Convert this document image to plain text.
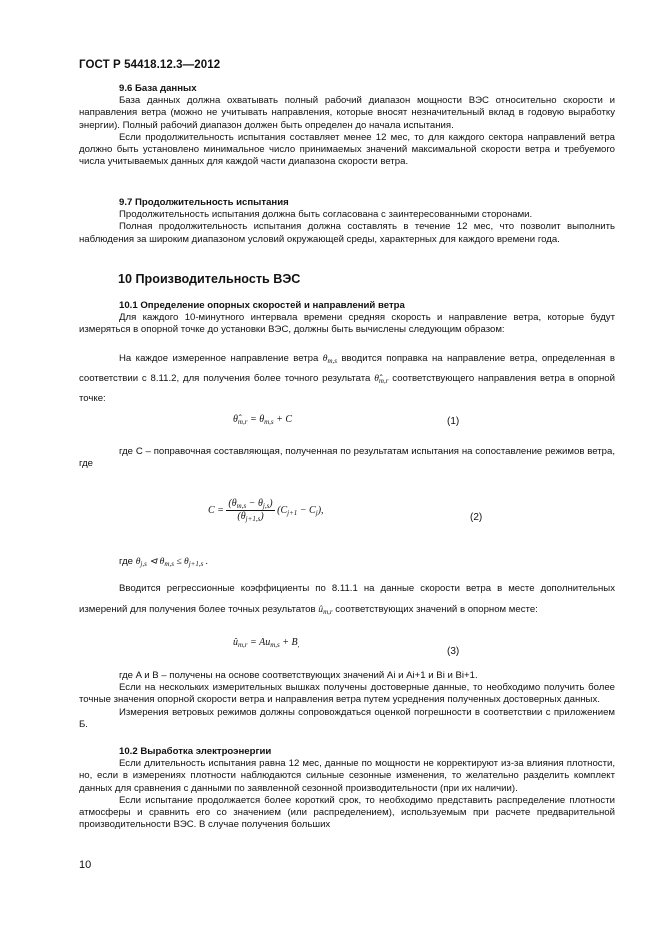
ГОСТ Р 54418.12.3—2012

9.6 База данных

База данных должна охватывать полный рабочий диапазон мощности ВЭС относительно скорости и направления ветра (можно не учитывать направления, которые вносят незначительный вклад в годовую выработку энергии). Полный рабочий диапазон должен быть определен до начала испытания.

Если продолжительность испытания составляет менее 12 мес, то для каждого сектора направлений ветра должно быть установлено минимальное число принимаемых значений максимальной скорости ветра и требуемого числа учитываемых данных для каждой части диапазона скорости ветра.

9.7 Продолжительность испытания

Продолжительность испытания должна быть согласована с заинтересованными сторонами.

Полная продолжительность испытания должна составлять в течение 12 мес, что позволит выполнить наблюдения за широким диапазоном условий окружающей среды, характерных для каждого времени года.

10 Производительность ВЭС

10.1 Определение опорных скоростей и направлений ветра

Для каждого 10-минутного интервала времени средняя скорость и направление ветра, которые будут измеряться в опорной точке до установки ВЭС, должны быть вычислены следующим образом:

На каждое измеренное направление ветра $\theta_{m,s}$ вводится поправка на направление ветра, определенная в соответствии с 8.11.2, для получения более точного результата $\thetâ_{m,r}$ соответствующего направления ветра в опорной точке:

$\thetâ_{m,r} = \theta_{m,s} + C$	(1)

где C – поправочная составляющая, полученная по результатам испытания на сопоставление режимов ветра, где

$C = \frac{(\theta_{m,s} - \theta_{j,s})}{(\theta_{j+1,s})} (C_{j+1} - C_j)$,
(2)

где $\theta_{j,s}$ ⊲ $\theta_{m,s} \le \theta_{j+1,s}$ .

Вводится регрессионные коэффициенты по 8.11.1 на данные скорости ветра в месте дополнительных измерений для получения более точных результатов $û_{m,r}$ соответствующих значений в опорном месте:

$û_{m,r} = Au_{m,s} + B_,$
(3)

где A и B – получены на основе соответствующих значений Ai и Ai+1 и Bi и Bi+1.

Если на нескольких измерительных вышках получены достоверные данные, то необходимо получить более точные значения опорной скорости ветра и направления ветра путем усреднения полученных достоверных данных.

Измерения ветровых режимов должны сопровождаться оценкой погрешности в соответствии с приложением Б.

10.2 Выработка электроэнергии

Если длительность испытания равна 12 мес, данные по мощности не корректируют из-за влияния плотности, но, если в измерениях плотности наблюдаются сильные сезонные изменения, то желательно разделить комплект данных для сравнения с данными по заявленной сезонной производительности (при их наличии).

Если испытание продолжается более короткий срок, то необходимо представить распределение плотности атмосферы и сравнить его со значением (или распределением), используемым при расчете предварительной производительности ВЭС. В случае получения больших

10
